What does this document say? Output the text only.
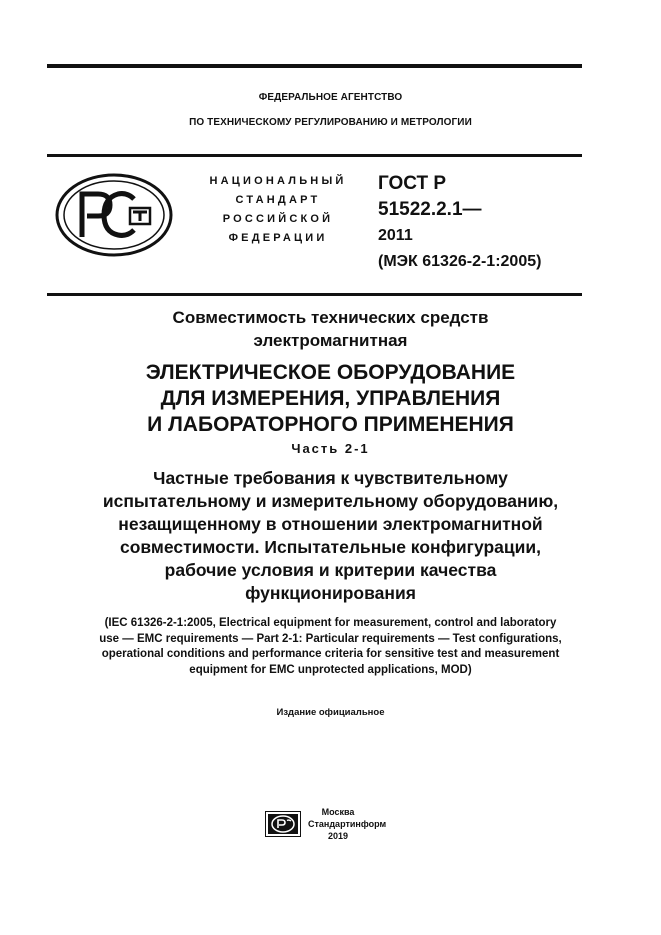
ФЕДЕРАЛЬНОЕ АГЕНТСТВО
ПО ТЕХНИЧЕСКОМУ РЕГУЛИРОВАНИЮ И МЕТРОЛОГИИ
НАЦИОНАЛЬНЫЙ
СТАНДАРТ
РОССИЙСКОЙ
ФЕДЕРАЦИИ
ГОСТ Р
51522.2.1—
2011
(МЭК 61326-2-1:2005)
Совместимость технических средств
электромагнитная
ЭЛЕКТРИЧЕСКОЕ ОБОРУДОВАНИЕ
ДЛЯ ИЗМЕРЕНИЯ, УПРАВЛЕНИЯ
И ЛАБОРАТОРНОГО ПРИМЕНЕНИЯ
Часть 2-1
Частные требования к чувствительному
испытательному и измерительному оборудованию,
незащищенному в отношении электромагнитной
совместимости. Испытательные конфигурации,
рабочие условия и критерии качества
функционирования
(IEC 61326-2-1:2005, Electrical equipment for measurement, control and laboratory
use — EMC requirements — Part 2-1: Particular requirements — Test configurations,
operational conditions and performance criteria for sensitive test and measurement
equipment for EMC unprotected applications, MOD)
Издание официальное
Москва
Стандартинформ
2019
